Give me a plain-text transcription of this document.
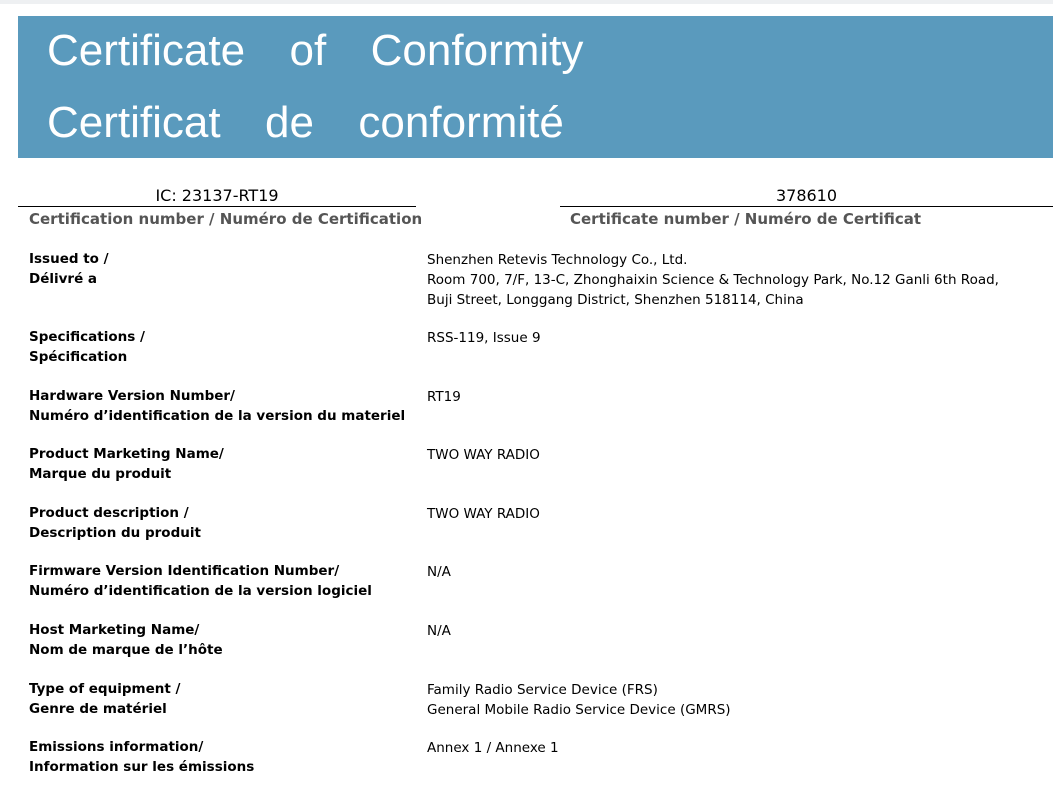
Certificate  of  Conformity
Certificat  de  conformité
IC: 23137-RT19
Certification number / Numéro de Certification
378610
Certificate number / Numéro de Certificat
Issued to /
Délivré a
Shenzhen Retevis Technology Co., Ltd.
Room 700, 7/F, 13-C, Zhonghaixin Science & Technology Park, No.12 Ganli 6th Road,
Buji Street, Longgang District, Shenzhen 518114, China
Specifications /
Spécification
RSS-119, Issue 9
Hardware Version Number/
Numéro d’identification de la version du materiel
RT19
Product Marketing Name/
Marque du produit
TWO WAY RADIO
Product description /
Description du produit
TWO WAY RADIO
Firmware Version Identification Number/
Numéro d’identification de la version logiciel
N/A
Host Marketing Name/
Nom de marque de l’hôte
N/A
Type of equipment /
Genre de matériel
Family Radio Service Device (FRS)
General Mobile Radio Service Device (GMRS)
Emissions information/
Information sur les émissions
Annex 1 / Annexe 1
